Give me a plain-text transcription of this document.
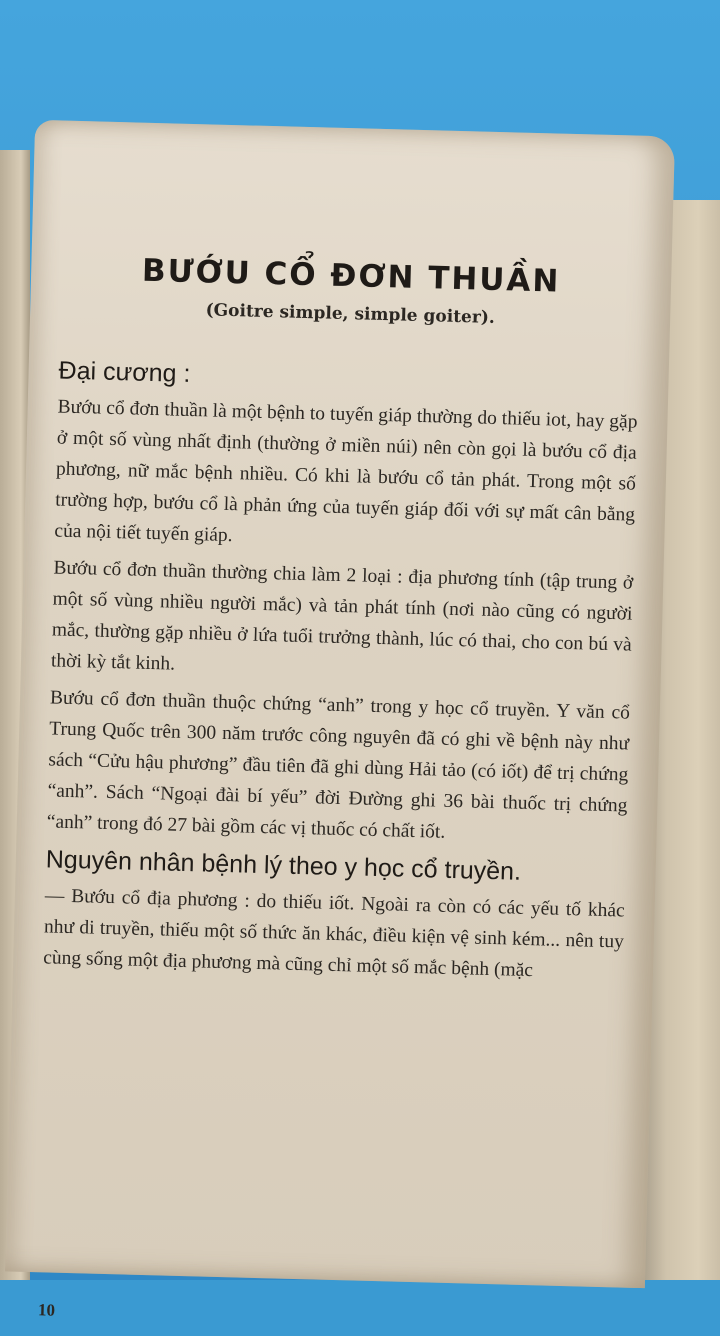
BƯỚU CỔ ĐƠN THUẦN

(Goitre simple, simple goiter).

Đại cương :

Bướu cổ đơn thuần là một bệnh to tuyến giáp thường do thiếu iot, hay gặp ở một số vùng nhất định (thường ở miền núi) nên còn gọi là bướu cổ địa phương, nữ mắc bệnh nhiều. Có khi là bướu cổ tản phát. Trong một số trường hợp, bướu cổ là phản ứng của tuyến giáp đối với sự mất cân bằng của nội tiết tuyến giáp.

Bướu cổ đơn thuần thường chia làm 2 loại : địa phương tính (tập trung ở một số vùng nhiều người mắc) và tản phát tính (nơi nào cũng có người mắc, thường gặp nhiều ở lứa tuổi trưởng thành, lúc có thai, cho con bú và thời kỳ tắt kinh.

Bướu cổ đơn thuần thuộc chứng “anh” trong y học cổ truyền. Y văn cổ Trung Quốc trên 300 năm trước công nguyên đã có ghi về bệnh này như sách “Cửu hậu phương” đầu tiên đã ghi dùng Hải tảo (có iốt) để trị chứng “anh”. Sách “Ngoại đài bí yếu” đời Đường ghi 36 bài thuốc trị chứng “anh” trong đó 27 bài gồm các vị thuốc có chất iốt.

Nguyên nhân bệnh lý theo y học cổ truyền.

— Bướu cổ địa phương : do thiếu iốt. Ngoài ra còn có các yếu tố khác như di truyền, thiếu một số thức ăn khác, điều kiện vệ sinh kém... nên tuy cùng sống một địa phương mà cũng chỉ một số mắc bệnh (mặc

10
